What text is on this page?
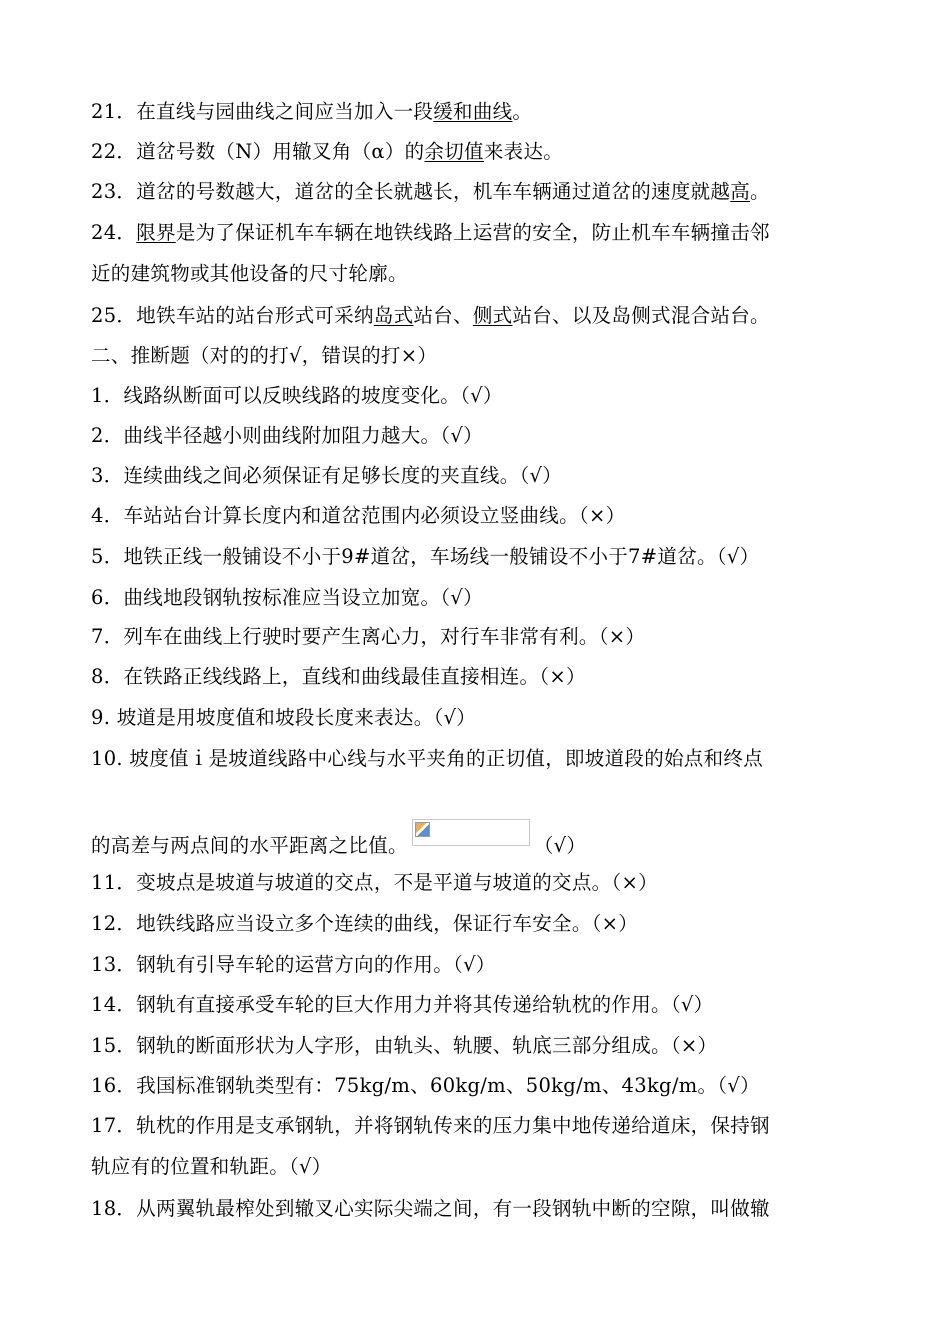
21．在直线与园曲线之间应当加入一段缓和曲线。
22．道岔号数（N）用辙叉角（α）的余切值来表达。
23．道岔的号数越大，道岔的全长就越长，机车车辆通过道岔的速度就越高。
24．限界是为了保证机车车辆在地铁线路上运营的安全，防止机车车辆撞击邻
近的建筑物或其他设备的尺寸轮廓。
25．地铁车站的站台形式可采纳岛式站台、侧式站台、以及岛侧式混合站台。
二、推断题（对的的打√，错误的打×）
1．线路纵断面可以反映线路的坡度变化。（√）
2．曲线半径越小则曲线附加阻力越大。（√）
3．连续曲线之间必须保证有足够长度的夹直线。（√）
4．车站站台计算长度内和道岔范围内必须设立竖曲线。（×）
5．地铁正线一般铺设不小于9#道岔，车场线一般铺设不小于7#道岔。（√）
6．曲线地段钢轨按标准应当设立加宽。（√）
7．列车在曲线上行驶时要产生离心力，对行车非常有利。（×）
8．在铁路正线线路上，直线和曲线最佳直接相连。（×）
9. 坡道是用坡度值和坡段长度来表达。（√）
10. 坡度值ｉ是坡道线路中心线与水平夹角的正切值，即坡道段的始点和终点
的高差与两点间的水平距离之比值。	（√）
11．变坡点是坡道与坡道的交点，不是平道与坡道的交点。（×）
12．地铁线路应当设立多个连续的曲线，保证行车安全。（×）
13．钢轨有引导车轮的运营方向的作用。（√）
14．钢轨有直接承受车轮的巨大作用力并将其传递给轨枕的作用。（√）
15．钢轨的断面形状为人字形，由轨头、轨腰、轨底三部分组成。（×）
16．我国标准钢轨类型有：75kg/m、60kg/m、50kg/m、43kg/m。（√）
17．轨枕的作用是支承钢轨，并将钢轨传来的压力集中地传递给道床，保持钢
轨应有的位置和轨距。（√）
18．从两翼轨最榨处到辙叉心实际尖端之间，有一段钢轨中断的空隙，叫做辙
